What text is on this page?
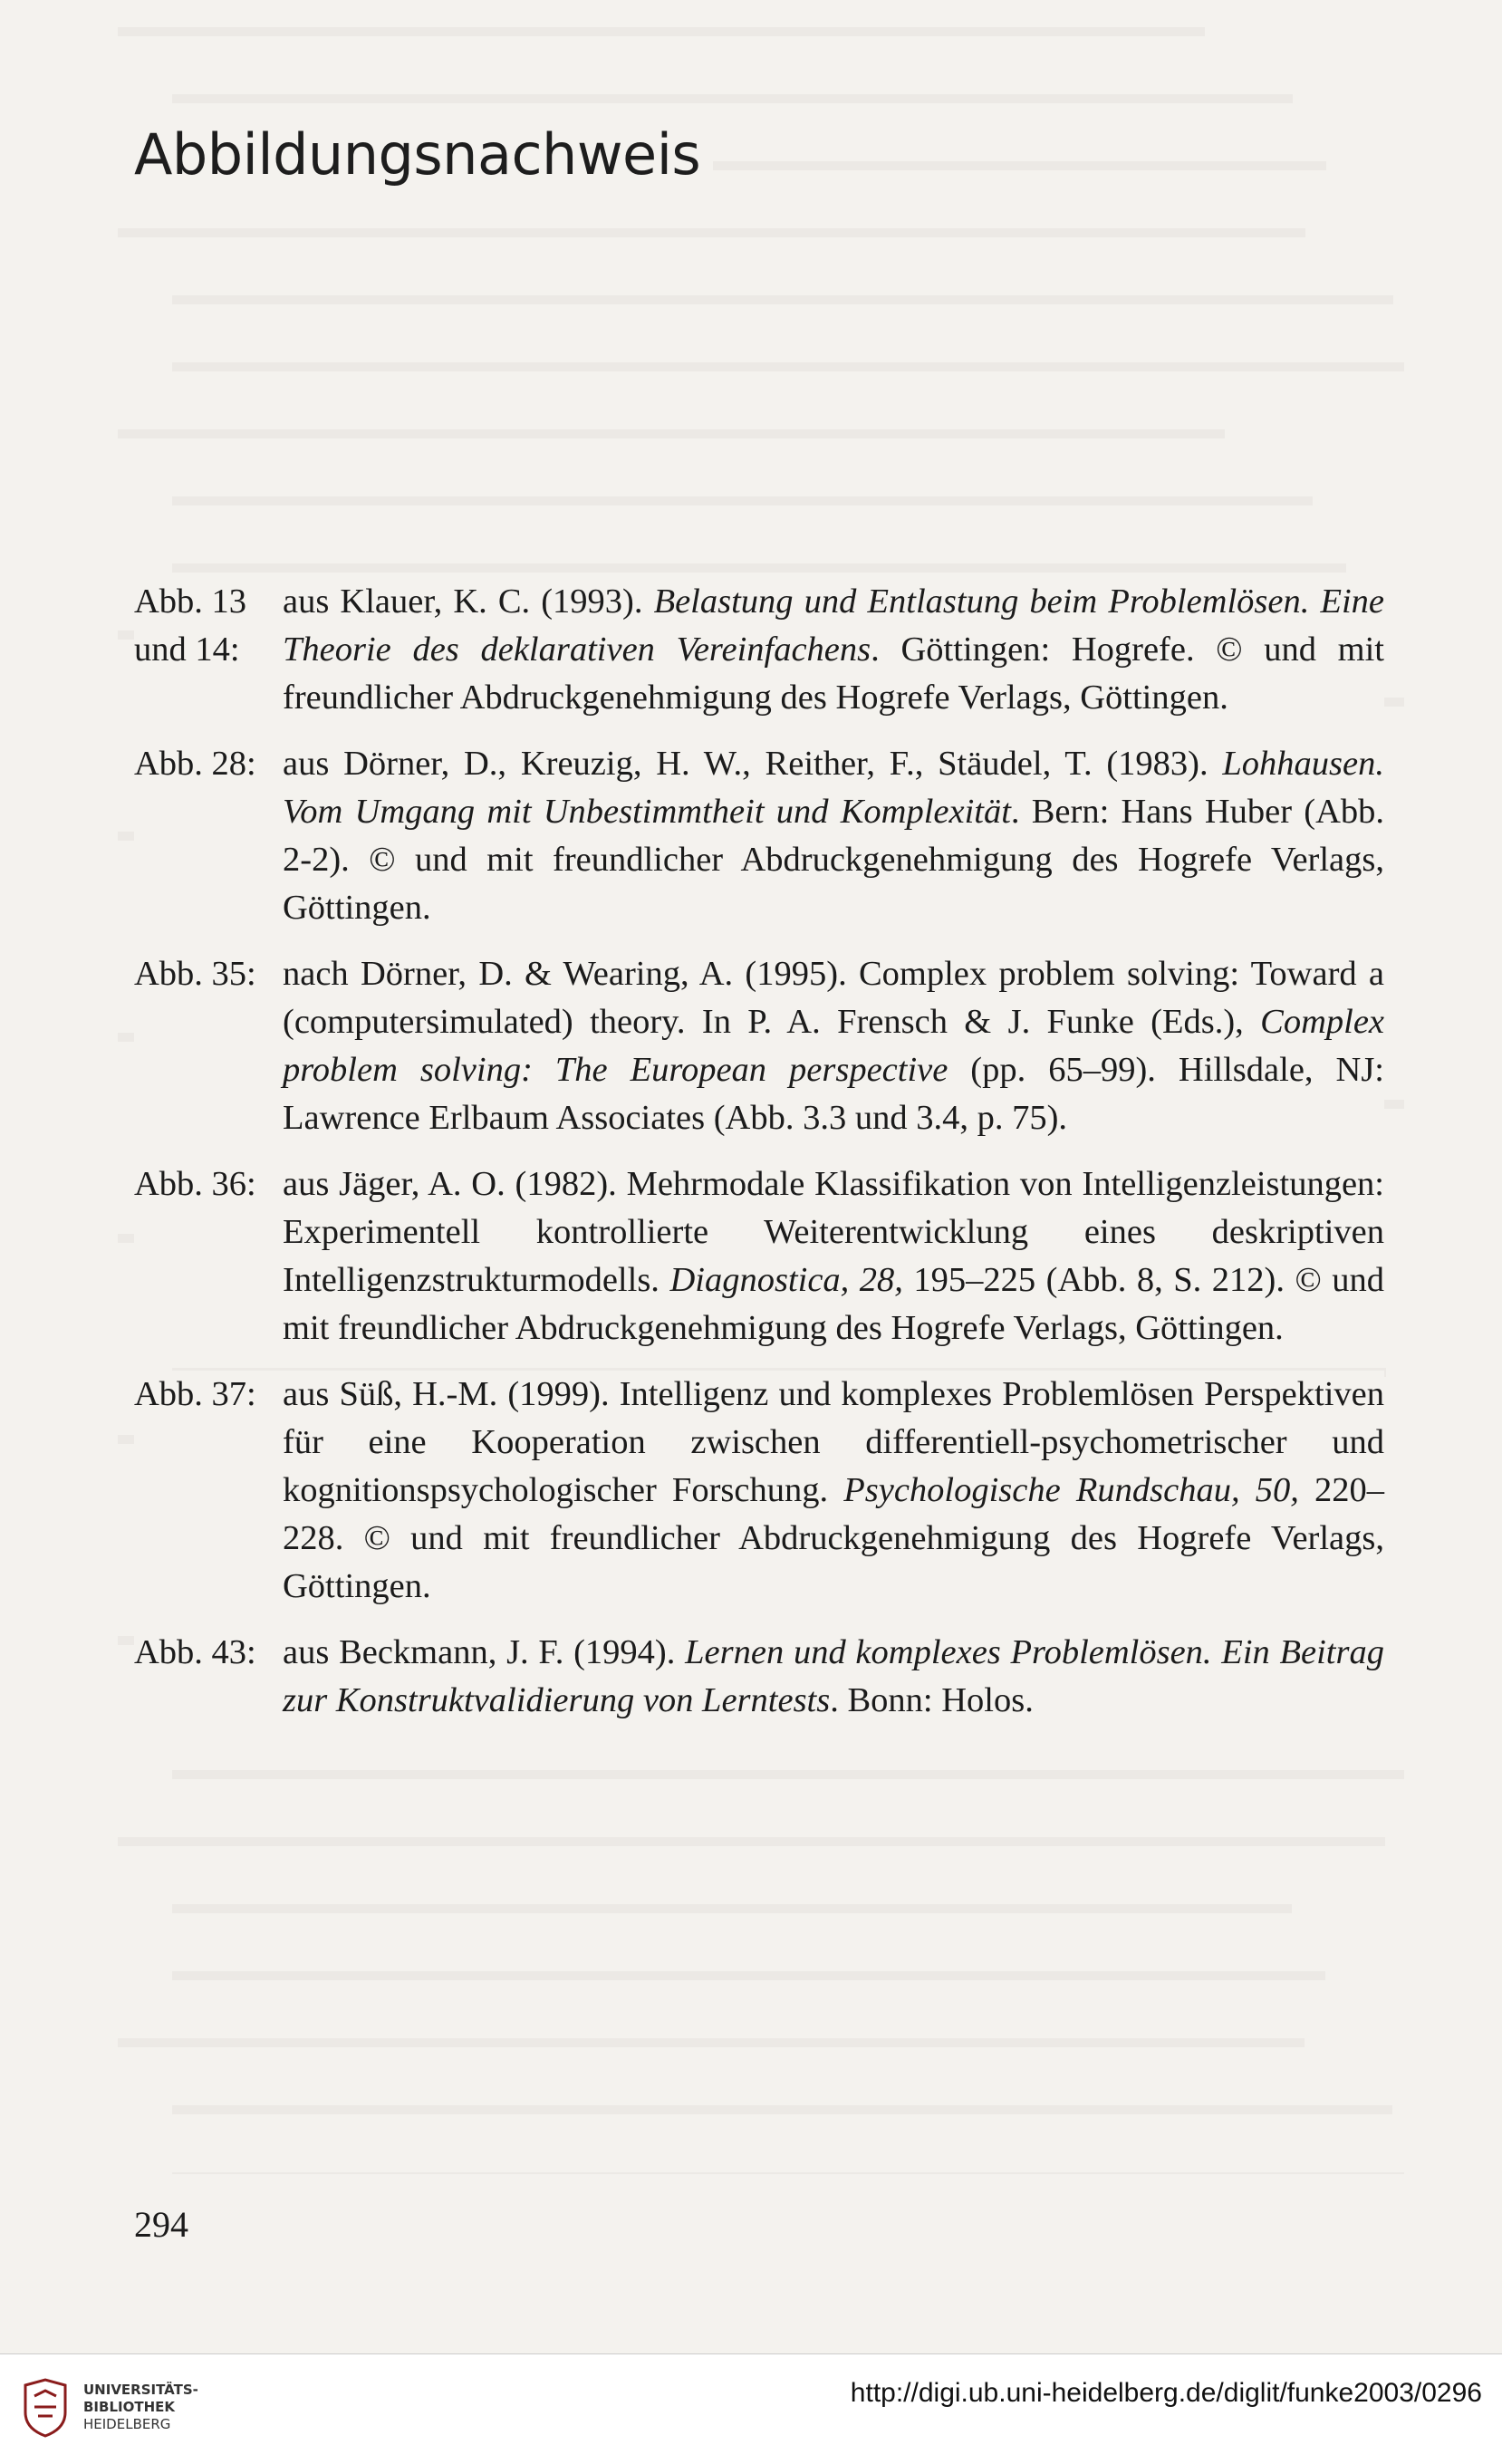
Abbildungsnachweis
Abb. 13
und 14:
aus Klauer, K. C. (1993). Belastung und Entlastung beim Problemlösen. Eine Theorie des deklarativen Vereinfachens. Göttingen: Hogrefe. © und mit freundlicher Abdruckgenehmigung des Hogrefe Verlags, Göttingen.
Abb. 28: aus Dörner, D., Kreuzig, H. W., Reither, F., Stäudel, T. (1983). Lohhausen. Vom Umgang mit Unbestimmtheit und Komplexität. Bern: Hans Huber (Abb. 2-2). © und mit freundlicher Abdruckgenehmigung des Hogrefe Verlags, Göttingen.
Abb. 35: nach Dörner, D. & Wearing, A. (1995). Complex problem solving: Toward a (computersimulated) theory. In P. A. Frensch & J. Funke (Eds.), Complex problem solving: The European perspective (pp. 65–99). Hillsdale, NJ: Lawrence Erlbaum Associates (Abb. 3.3 und 3.4, p. 75).
Abb. 36: aus Jäger, A. O. (1982). Mehrmodale Klassifikation von Intelligenzleistungen: Experimentell kontrollierte Weiterentwicklung eines deskriptiven Intelligenzstrukturmodells. Diagnostica, 28, 195–225 (Abb. 8, S. 212). © und mit freundlicher Abdruckgenehmigung des Hogrefe Verlags, Göttingen.
Abb. 37: aus Süß, H.-M. (1999). Intelligenz und komplexes Problemlösen Perspektiven für eine Kooperation zwischen differentiell-psychometrischer und kognitionspsychologischer Forschung. Psychologische Rundschau, 50, 220–228. © und mit freundlicher Abdruckgenehmigung des Hogrefe Verlags, Göttingen.
Abb. 43: aus Beckmann, J. F. (1994). Lernen und komplexes Problemlösen. Ein Beitrag zur Konstruktvalidierung von Lerntests. Bonn: Holos.
294
UNIVERSITÄTS-
BIBLIOTHEK
HEIDELBERG
http://digi.ub.uni-heidelberg.de/diglit/funke2003/0296
